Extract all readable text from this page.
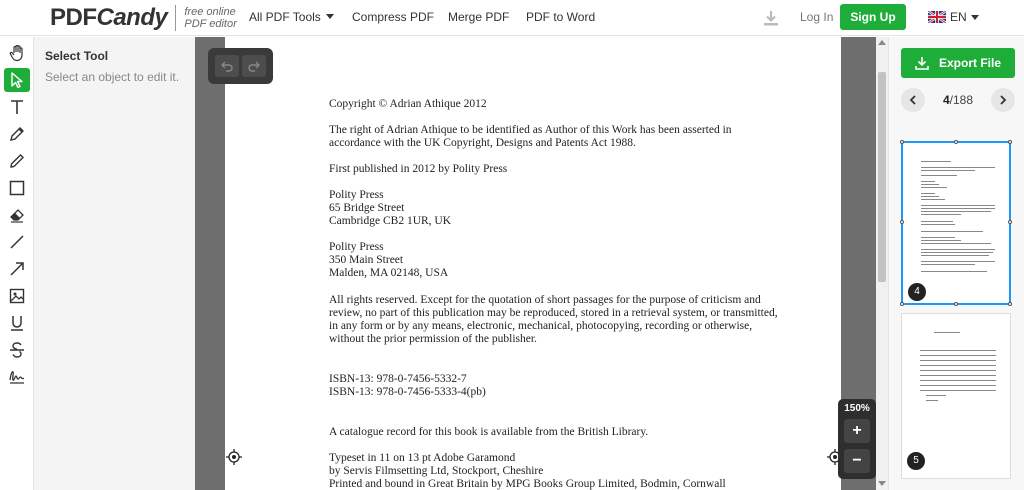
PDFCandy free online
PDF editor All PDF Tools	Compress PDF Merge PDF PDF to Word	Log In	Sign Up	EN
Select Tool
Select an object to edit it.

Copyright © Adrian Athique 2012

The right of Adrian Athique to be identified as Author of this Work has been asserted in

accordance with the UK Copyright, Designs and Patents Act 1988.

First published in 2012 by Polity Press

Polity Press

65 Bridge Street

Cambridge CB2 1UR, UK

Polity Press

350 Main Street

Malden, MA 02148, USA

All rights reserved. Except for the quotation of short passages for the purpose of criticism and

review, no part of this publication may be reproduced, stored in a retrieval system, or transmitted,

in any form or by any means, electronic, mechanical, photocopying, recording or otherwise,

without the prior permission of the publisher.

ISBN-13: 978-0-7456-5332-7

ISBN-13: 978-0-7456-5333-4(pb)

A catalogue record for this book is available from the British Library.

Typeset in 11 on 13 pt Adobe Garamond

by Servis Filmsetting Ltd, Stockport, Cheshire

Printed and bound in Great Britain by MPG Books Group Limited, Bodmin, Cornwall

150%
+
−
Export File
4/188
4
5
